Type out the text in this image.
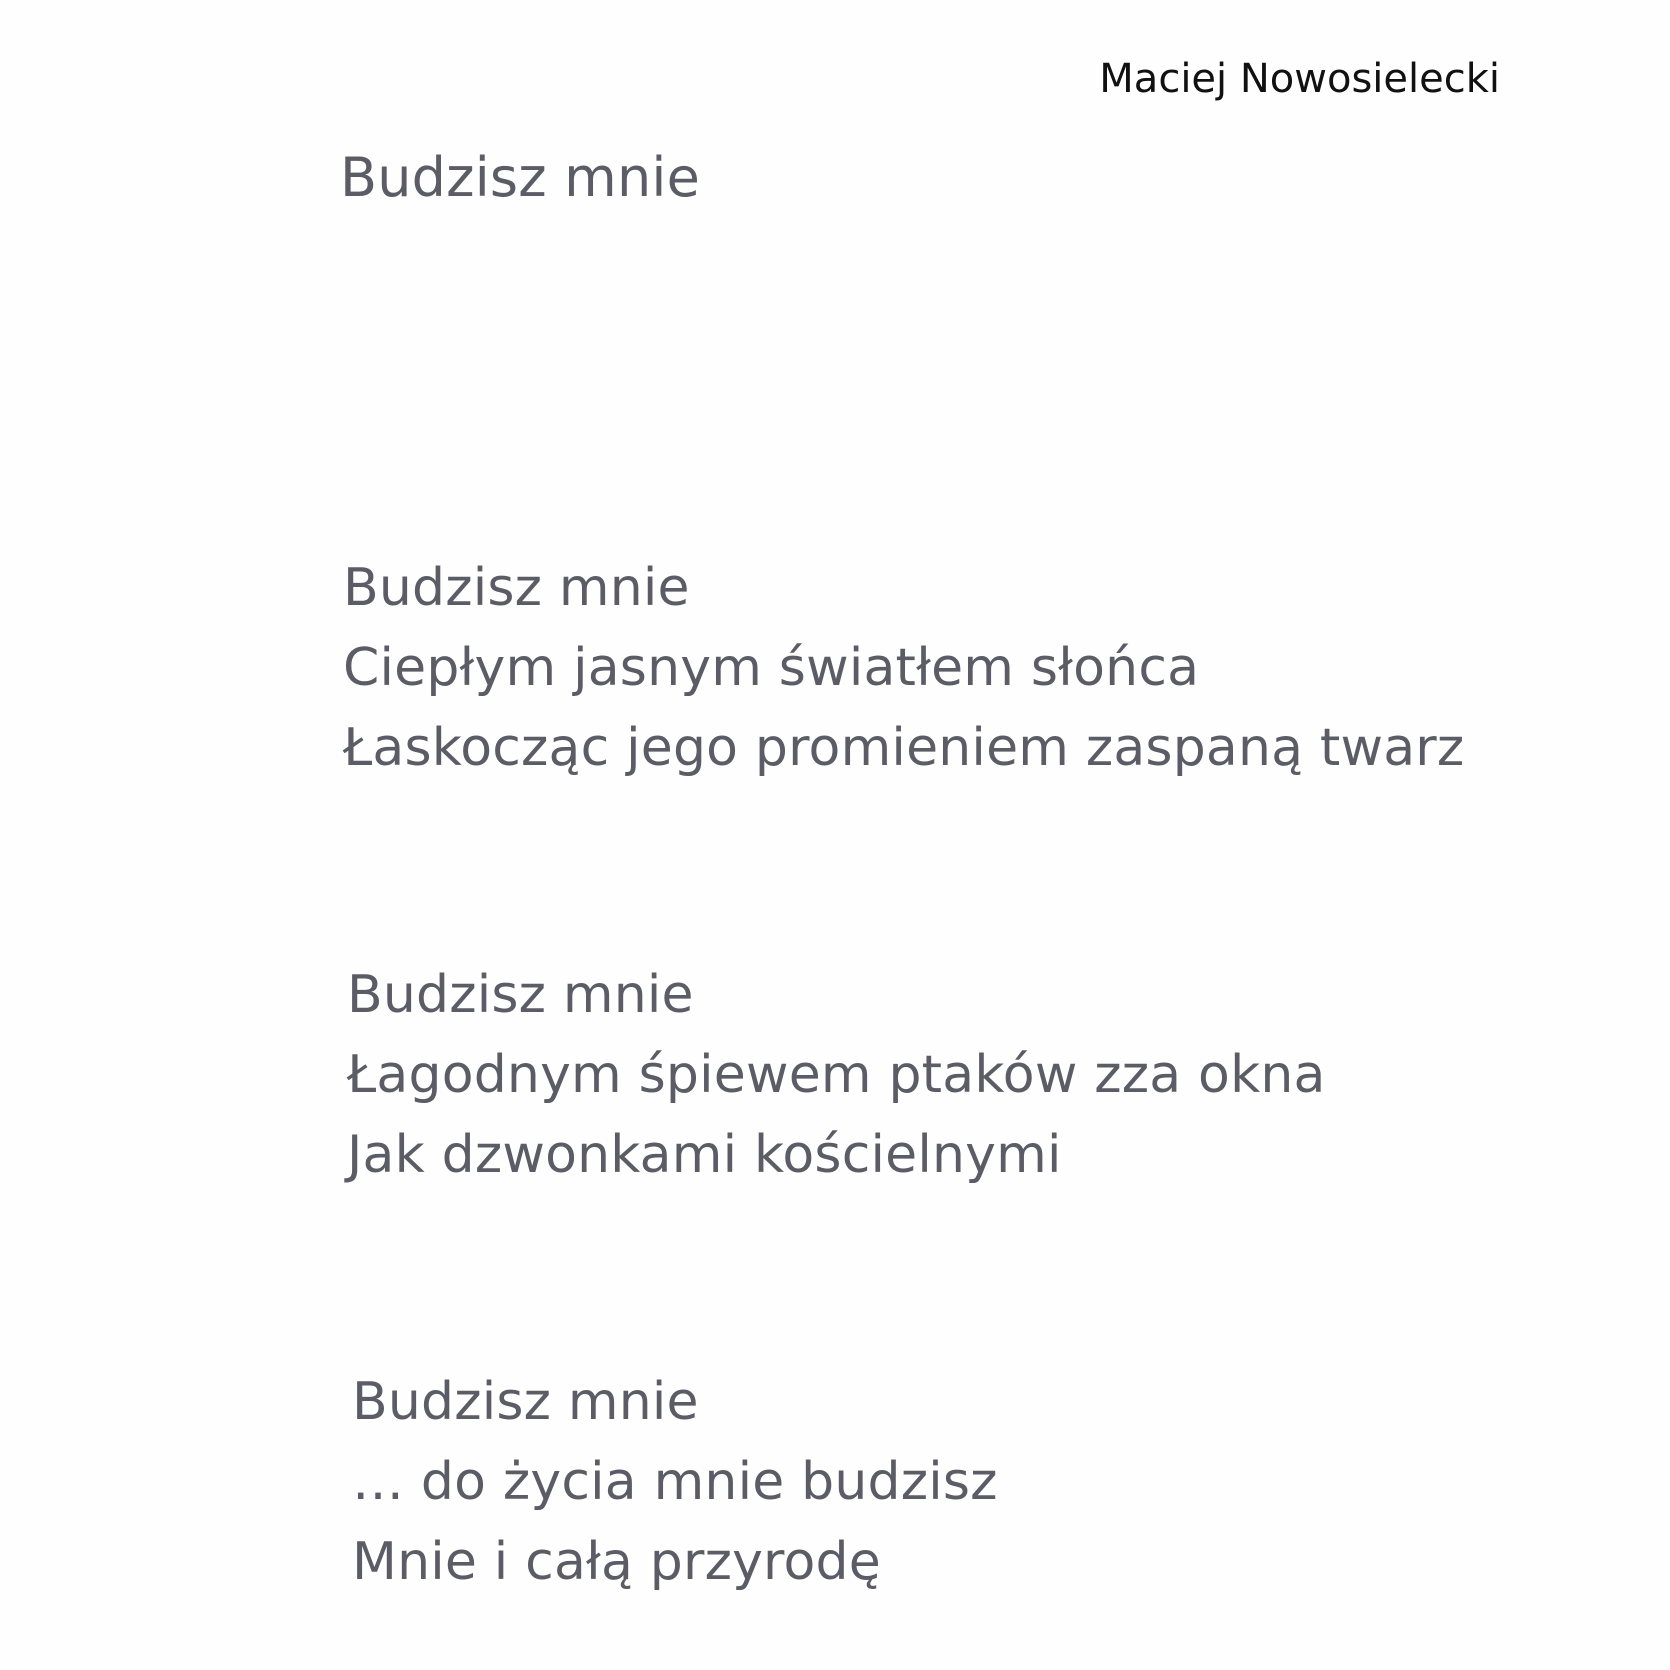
Maciej Nowosielecki
Budzisz mnie
Budzisz mnie
Ciepłym jasnym światłem słońca
Łaskocząc jego promieniem zaspaną twarz
Budzisz mnie
Łagodnym śpiewem ptaków zza okna
Jak dzwonkami kościelnymi
Budzisz mnie
… do życia mnie budzisz
Mnie i całą przyrodę
